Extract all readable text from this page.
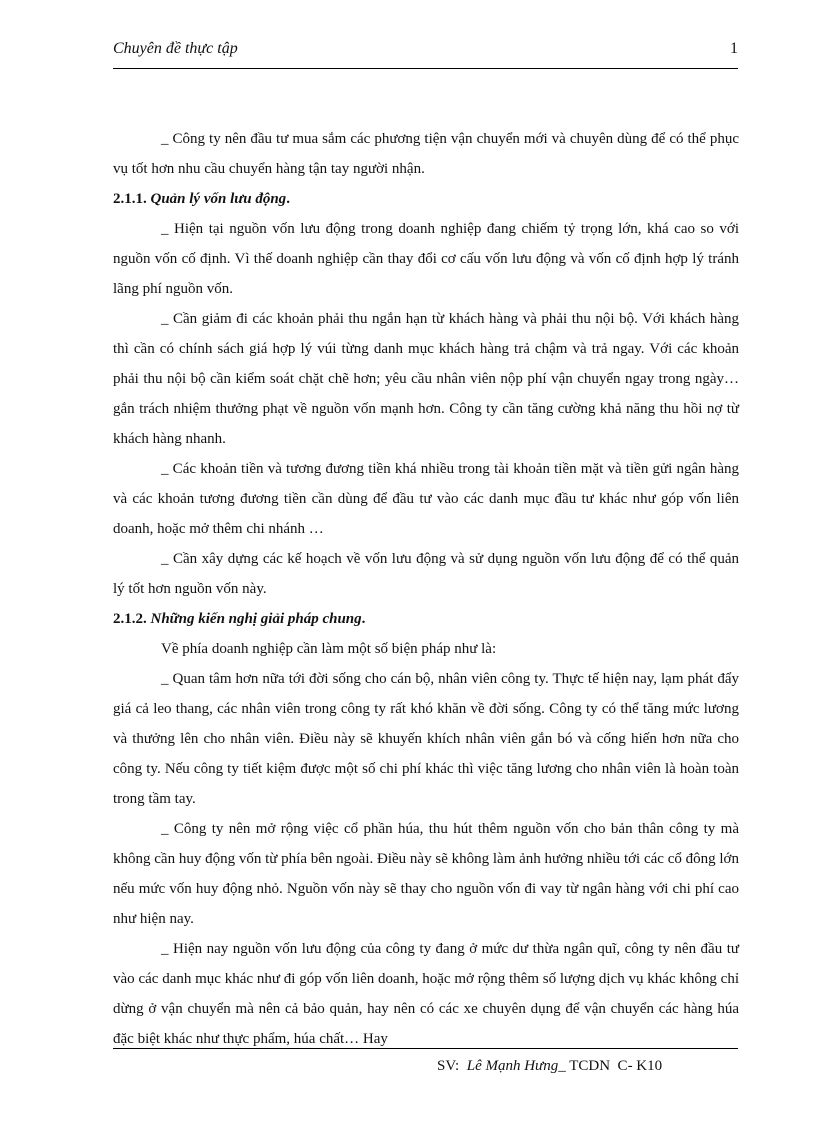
Chuyên đề thực tập	1

_ Công ty nên đầu tư mua sắm các phương tiện vận chuyển mới và chuyên dùng để có thể phục vụ tốt hơn nhu cầu chuyển hàng tận tay người nhận.

2.1.1. Quản lý vốn lưu động.

_ Hiện tại nguồn vốn lưu động trong doanh nghiệp đang chiếm tỷ trọng lớn, khá cao so với nguồn vốn cố định. Vì thế doanh nghiệp cần thay đổi cơ cấu vốn lưu động và vốn cố định hợp lý tránh lãng phí nguồn vốn.

_ Cần giảm đi các khoản phải thu ngắn hạn từ khách hàng và phải thu nội bộ. Với khách hàng thì cần có chính sách giá hợp lý vúi từng danh mục khách hàng trả chậm và trả ngay. Với các khoản phải thu nội bộ cần kiểm soát chặt chẽ hơn; yêu cầu nhân viên nộp phí vận chuyển ngay trong ngày…gắn trách nhiệm thưởng phạt về nguồn vốn mạnh hơn. Công ty cần tăng cường khả năng thu hồi nợ từ khách hàng nhanh.

_ Các khoản tiền và tương đương tiền khá nhiều trong tài khoản tiền mặt và tiền gửi ngân hàng và các khoản tương đương tiền cần dùng để đầu tư vào các danh mục đầu tư khác như góp vốn liên doanh, hoặc mở thêm chi nhánh …

_ Cần xây dựng các kế hoạch về vốn lưu động và sử dụng nguồn vốn lưu động để có thể quản lý tốt hơn nguồn vốn này.

2.1.2. Những kiến nghị giải pháp chung.

Về phía doanh nghiệp cần làm một số biện pháp như là:

_ Quan tâm hơn nữa tới đời sống cho cán bộ, nhân viên công ty. Thực tế hiện nay, lạm phát đẩy giá cả leo thang, các nhân viên trong công ty rất khó khăn về đời sống. Công ty có thể tăng mức lương và thưởng lên cho nhân viên. Điều này sẽ khuyến khích nhân viên gắn bó và cống hiến hơn nữa cho công ty. Nếu công ty tiết kiệm được một số chi phí khác thì việc tăng lương cho nhân viên là hoàn toàn trong tầm tay.

_ Công ty nên mở rộng việc cổ phần húa, thu hút thêm nguồn vốn cho bản thân công ty mà không cần huy động vốn từ phía bên ngoài. Điều này sẽ không làm ảnh hưởng nhiều tới các cổ đông lớn nếu mức vốn huy động nhỏ. Nguồn vốn này sẽ thay cho nguồn vốn đi vay từ ngân hàng với chi phí cao như hiện nay.

_ Hiện nay nguồn vốn lưu động của công ty đang ở mức dư thừa ngân quĩ, công ty nên đầu tư vào các danh mục khác như đi góp vốn liên doanh, hoặc mở rộng thêm số lượng dịch vụ khác không chỉ dừng ở vận chuyển mà nên cả bảo quản, hay nên có các xe chuyên dụng để vận chuyển các hàng húa đặc biệt khác như thực phẩm, húa chất… Hay

SV:  Lê Mạnh Hưng_ TCDN  C- K10
